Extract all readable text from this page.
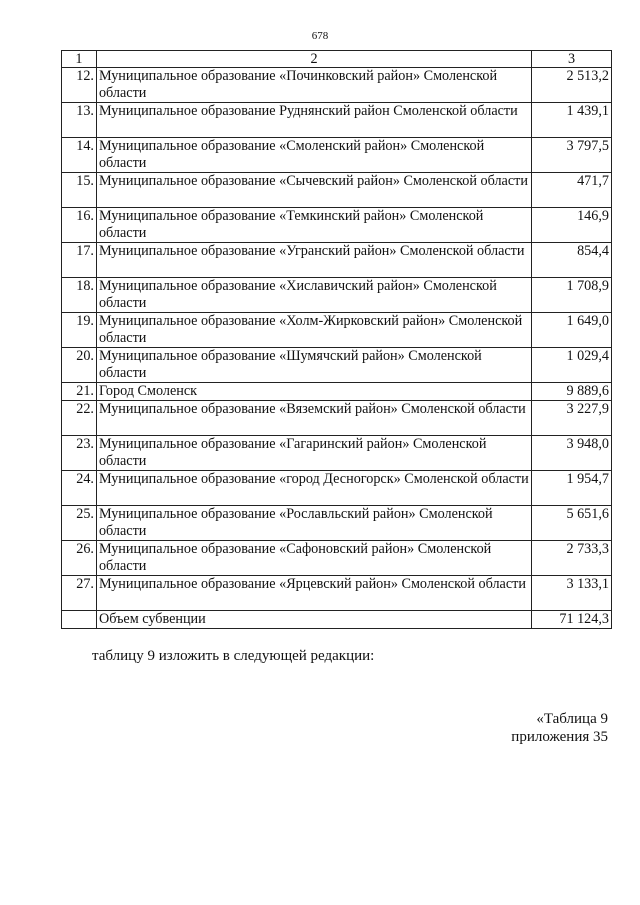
678
1	2	3
12.	Муниципальное образование «Починковский район» Смоленской области	2 513,2
13.	Муниципальное образование Руднянский район Смоленской области	1 439,1
14.	Муниципальное образование «Смоленский район» Смоленской области	3 797,5
15.	Муниципальное образование «Сычевский район» Смоленской области	471,7
16.	Муниципальное образование «Темкинский район» Смоленской области	146,9
17.	Муниципальное образование «Угранский район» Смоленской области	854,4
18.	Муниципальное образование «Хиславичский район» Смоленской области	1 708,9
19.	Муниципальное образование «Холм-Жирковский район» Смоленской области	1 649,0
20.	Муниципальное образование «Шумячский район» Смоленской области	1 029,4
21.	Город Смоленск	9 889,6
22.	Муниципальное образование «Вяземский район» Смоленской области	3 227,9
23.	Муниципальное образование «Гагаринский район» Смоленской области	3 948,0
24.	Муниципальное образование «город Десногорск» Смоленской области	1 954,7
25.	Муниципальное образование «Рославльский район» Смоленской области	5 651,6
26.	Муниципальное образование «Сафоновский район» Смоленской области	2 733,3
27.	Муниципальное образование «Ярцевский район» Смоленской области	3 133,1
	Объем субвенции	71 124,3
таблицу 9 изложить в следующей редакции:
«Таблица 9
приложения 35
